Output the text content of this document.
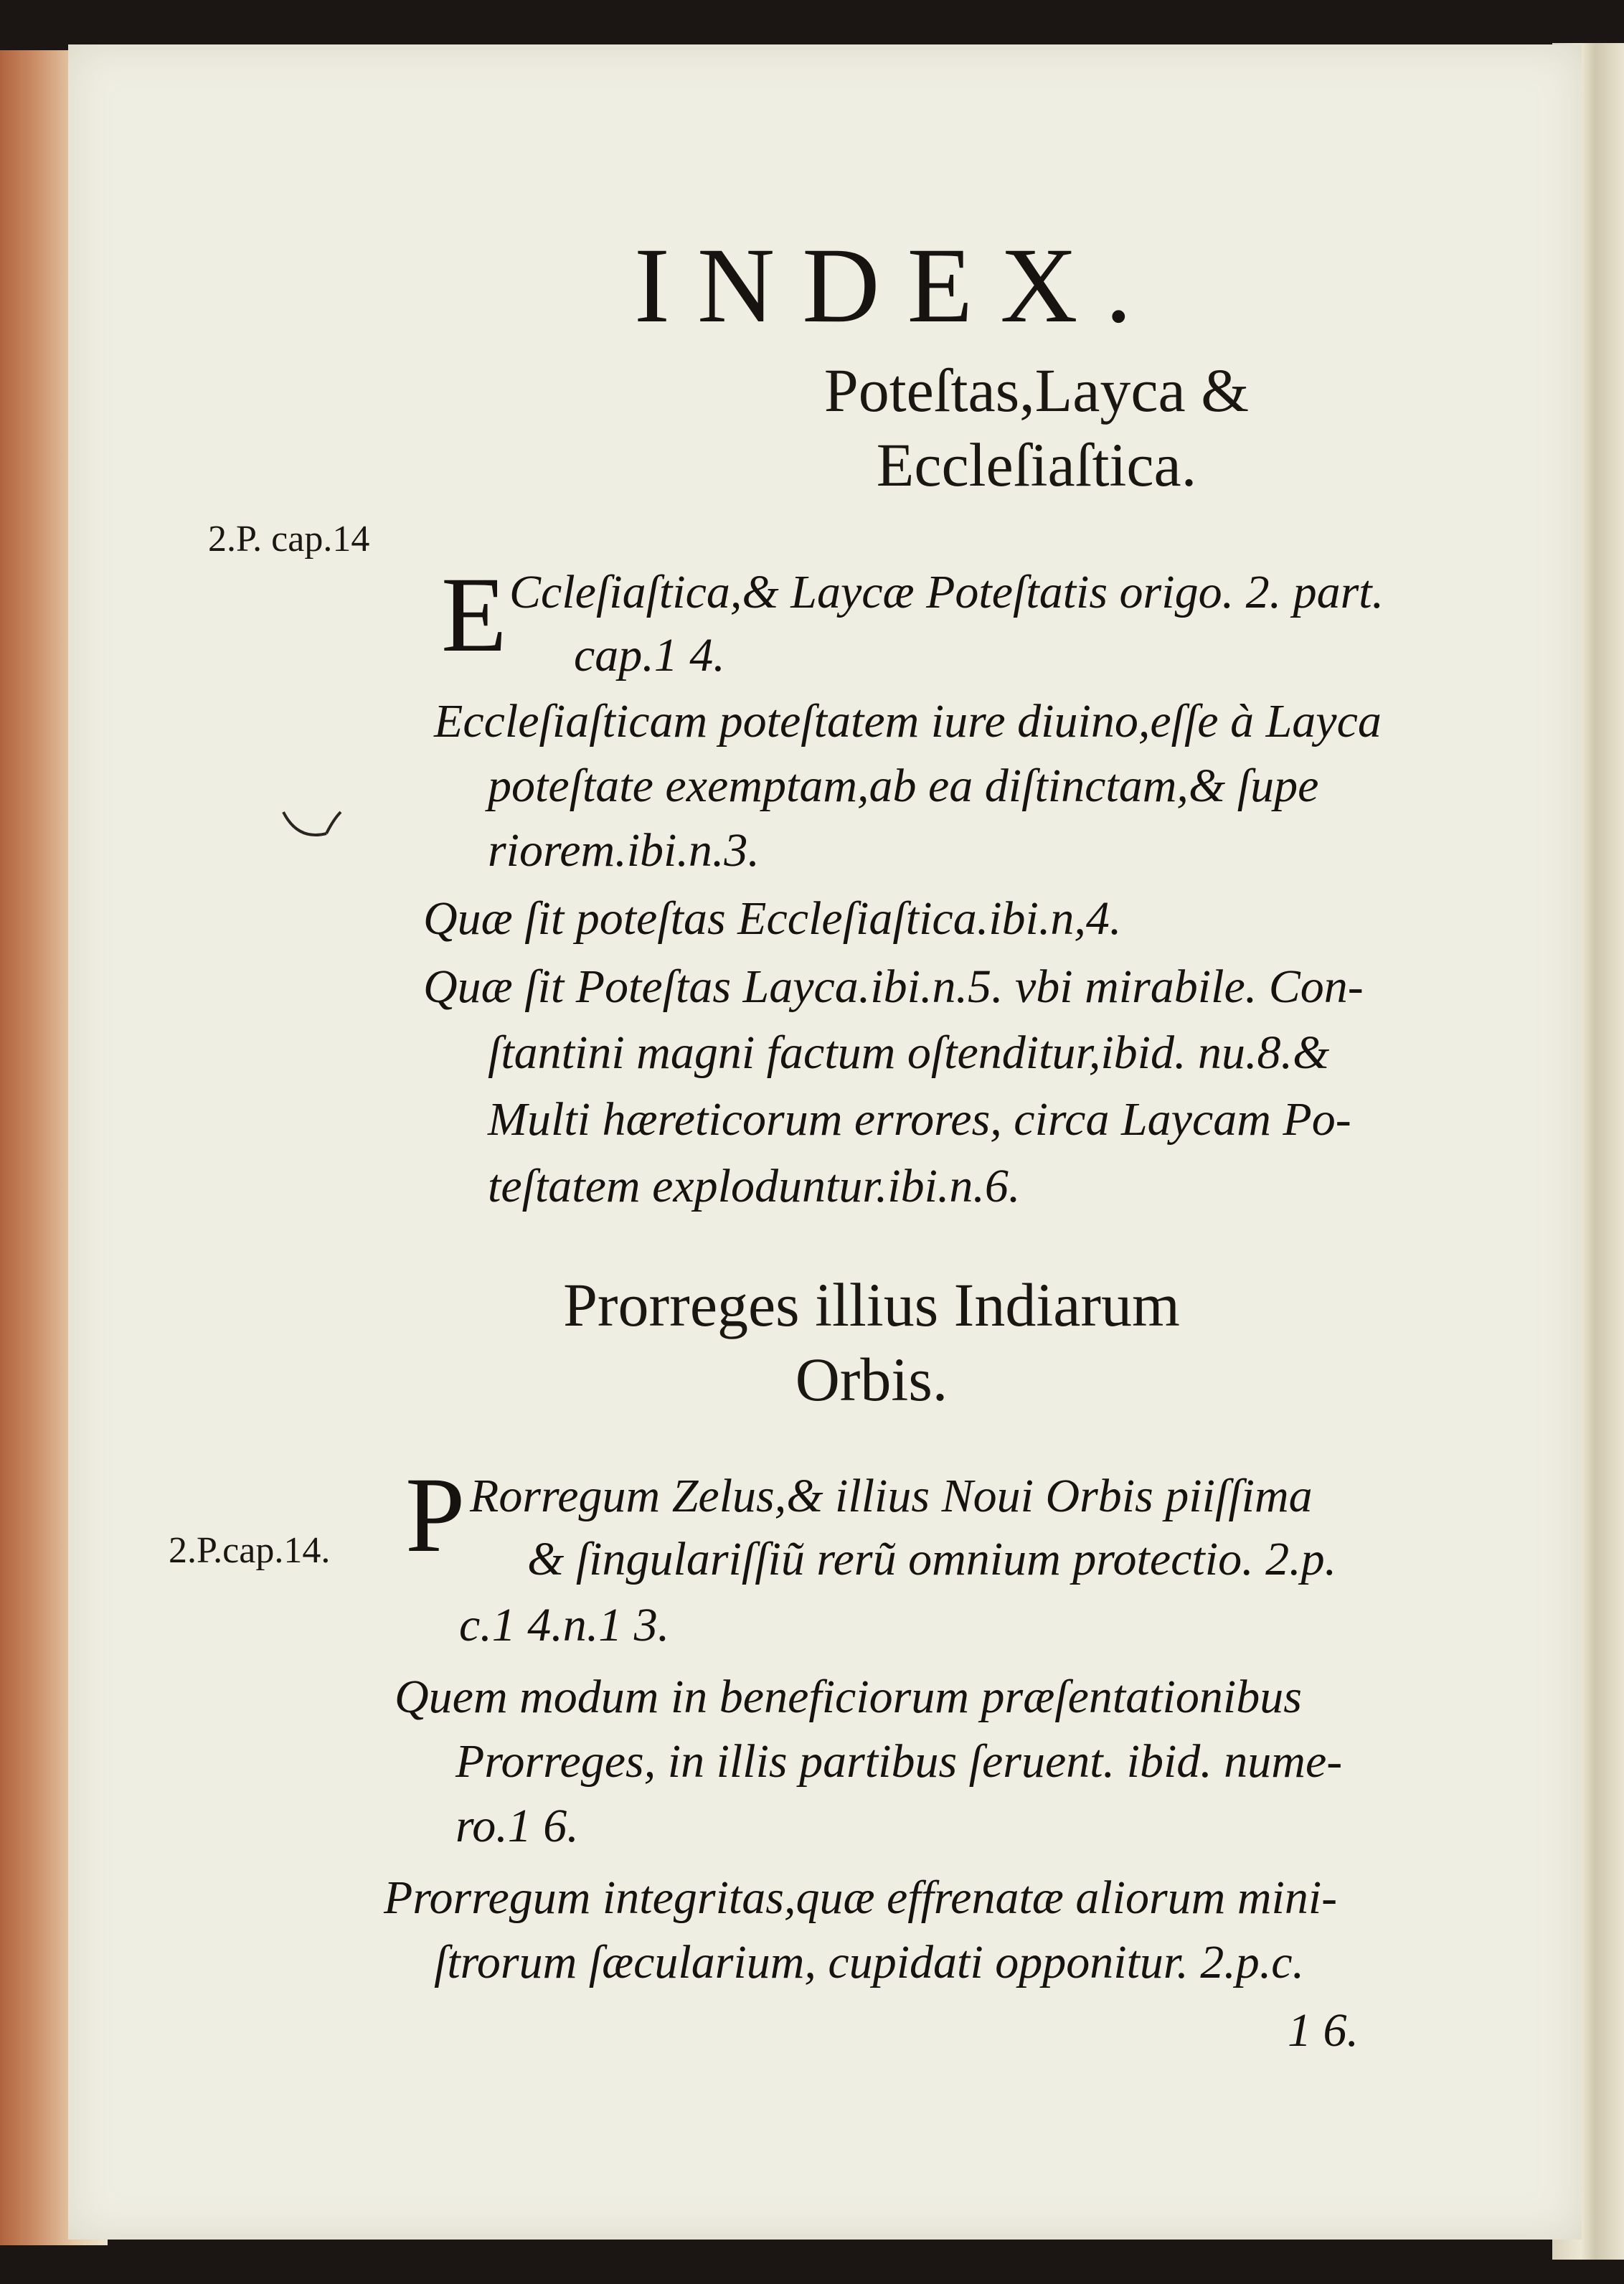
INDEX.
Poteſtas,Layca &
Eccleſiaſtica.
2.P. cap.14
E Ccleſiaſtica,& Laycæ Poteſtatis origo. 2. part.
cap.1 4.
Eccleſiaſticam poteſtatem iure diuino,eſſe à Layca
poteſtate exemptam,ab ea diſtinctam,& ſupe
riorem.ibi.n.3.
Quæ ſit poteſtas Eccleſiaſtica.ibi.n,4.
Quæ ſit Poteſtas Layca.ibi.n.5. vbi mirabile. Con-
ſtantini magni factum oſtenditur,ibid. nu.8.&
Multi hæreticorum errores, circa Laycam Po-
teſtatem exploduntur.ibi.n.6.
Prorreges illius Indiarum
Orbis.
2.P.cap.14. P Rorregum Zelus,& illius Noui Orbis piiſſima
& ſingulariſſiũ rerũ omnium protectio. 2.p.
c.1 4.n.1 3.
Quem modum in beneficiorum præſentationibus
Prorreges, in illis partibus ſeruent. ibid. nume-
ro.1 6.
Prorregum integritas,quæ effrenatæ aliorum mini-
ſtrorum ſæcularium, cupidati opponitur. 2.p.c.
1 6.
